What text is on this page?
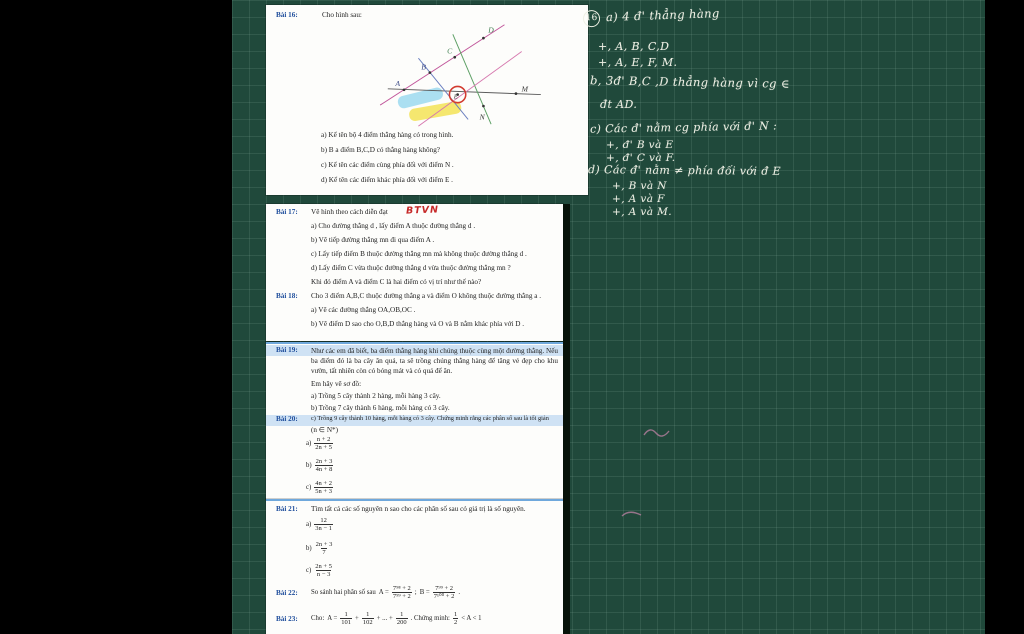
Bài 16:	Cho hình sau:
A
B
C
D
E
M
N
a) Kể tên bộ 4 điểm thẳng hàng có trong hình.
b) B a điểm B,C,D có thẳng hàng không?
c) Kể tên các điểm cùng phía đối với điểm N .
d) Kể tên các điểm khác phía đối với điểm E .
Bài 17: Vẽ hình theo cách diễn đạt BTVN
a) Cho đường thẳng d , lấy điểm A thuộc đường thẳng d .
b) Vẽ tiếp đường thẳng mn đi qua điểm A .
c) Lấy tiếp điểm B thuộc đường thẳng mn mà không thuộc đường thẳng d .
d) Lấy điểm C vừa thuộc đường thẳng d vừa thuộc đường thẳng mn ?
Khi đó điểm A và điểm C là hai điểm có vị trí như thế nào?
Bài 18: Cho 3 điểm A,B,C thuộc đường thẳng a và điểm O không thuộc đường thẳng a .
a) Vẽ các đường thẳng OA,OB,OC .
b) Vẽ điểm D sao cho O,B,D thẳng hàng và O và B nằm khác phía với D .
Bài 19: Như các em đã biết, ba điểm thẳng hàng khi chúng thuộc cùng một đường thẳng. Nếu ba điểm đó là ba cây ăn quả, ta sẽ trồng chúng thẳng hàng để tăng vẻ đẹp cho khu vườn, tất nhiên còn có bóng mát và có quả để ăn.
Em hãy vẽ sơ đồ:
a) Trồng 5 cây thành 2 hàng, mỗi hàng 3 cây.
b) Trồng 7 cây thành 6 hàng, mỗi hàng có 3 cây.
Bài 20: c) Trồng 9 cây thành 10 hàng, mỗi hàng có 3 cây. Chứng minh rằng các phân số sau là tối giản
(n ∈ N*)
$a) \frac{n + 2}{2n + 5}$
$b) \frac{2n + 3}{4n + 8}$
$c) \frac{4n + 2}{5n + 3}$
Bài 21: Tìm tất cả các số nguyên n sao cho các phân số sau có giá trị là số nguyên.
$a) \frac{12}{3n - 1}$
$b) \frac{2n + 3}{7}$
$c) \frac{2n + 5}{n - 3}$
Bài 22: So sánh hai phân số sau $A = \frac{\text{7⁹⁸ + 2}}{\text{7⁹⁹ + 2}}$ ; $B = \frac{\text{7⁹⁹ + 2}}{\text{7¹⁰⁰ + 2}}$ .
Bài 23: Cho: $A = \frac{1}{101} + \frac{1}{102}$ + ... + $\frac{1}{200}$ . Chứng minh: $\frac{1}{2} < A < 1$
16 a) 4 đ' thẳng hàng
+, A, B, C,D
+, A, E, F, M.
b, 3đ' B,C ,D thẳng hàng vì cg ∈
đt AD.
c) Các đ' nằm cg phía với đ' N :
+, đ' B và E
+, đ' C và F.
d) Các đ' nằm ≠ phía đối với đ E
+, B và N
+, A và F
+, A và M.
